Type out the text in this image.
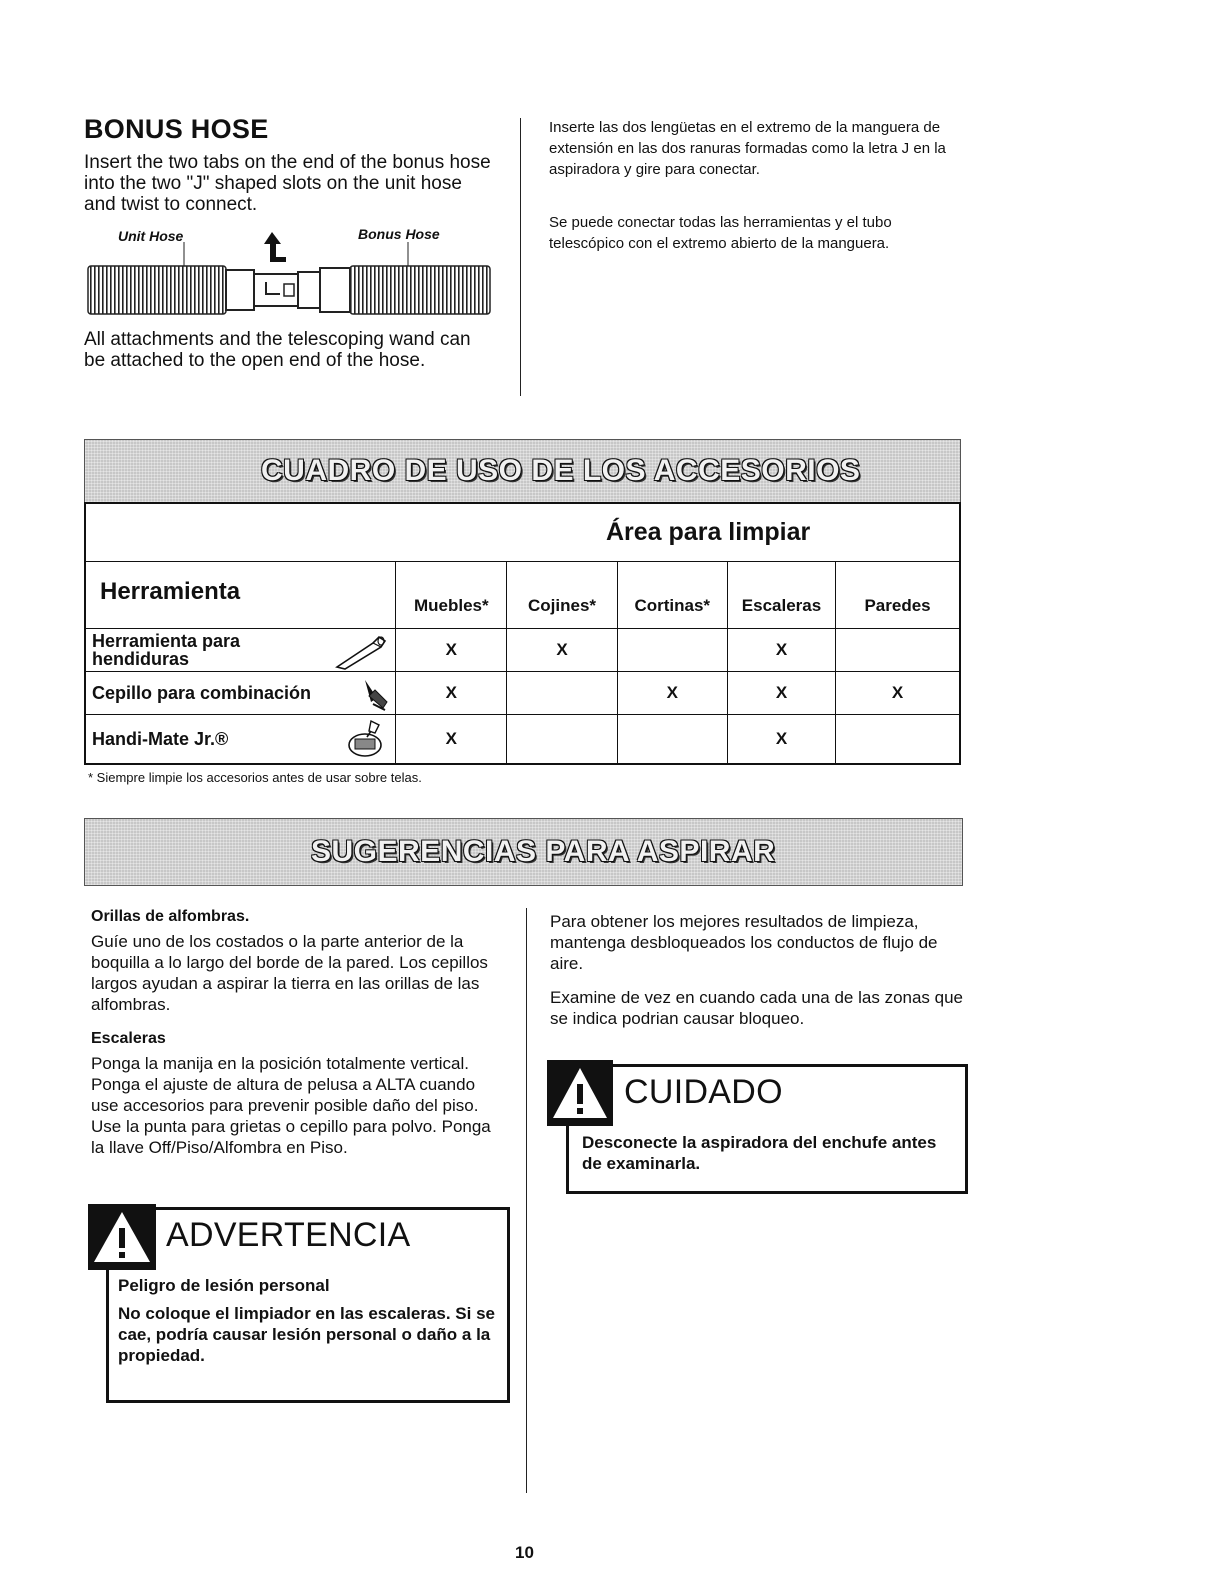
BONUS HOSE
Insert the two tabs on the end of the bonus hose into the two "J" shaped slots on the unit hose and twist to connect.
Unit Hose	Bonus Hose
All attachments and the telescoping wand can be attached to the open end of the hose.
Inserte las dos lengüetas en el extremo de la manguera de extensión en las dos ranuras formadas como la letra J en la aspiradora y gire para conectar.
Se puede conectar todas las herramientas y el tubo telescópico con el extremo abierto de la manguera.
CUADRO DE USO DE LOS ACCESORIOS
Área para limpiar					
Herramienta	Muebles*	Cojines*	Cortinas*	Escaleras	Paredes

Herramienta para
hendiduras	X	X		X	
Cepillo para combinación	X		X	X	X
Handi-Mate Jr.®	X			X	
* Siempre limpie los accesorios antes de usar sobre telas.
SUGERENCIAS PARA ASPIRAR
Orillas de alfombras.
Guíe uno de los costados o la parte anterior de la boquilla a lo largo del borde de la pared. Los cepillos largos ayudan a aspirar la tierra en las orillas de las alfombras.
Escaleras
Ponga la manija en la posición totalmente vertical. Ponga el ajuste de altura de pelusa a ALTA cuando use accesorios para prevenir posible daño del piso. Use la punta para grietas o cepillo para polvo. Ponga la llave Off/Piso/Alfombra en Piso.
Para obtener los mejores resultados de limpieza, mantenga desbloqueados los conductos de flujo de aire.
Examine de vez en cuando cada una de las zonas que se indica podrian causar bloqueo.
ADVERTENCIA
Peligro de lesión personal
No coloque el limpiador en las escaleras. Si se cae, podría causar lesión personal o daño a la propiedad.
CUIDADO
Desconecte la aspiradora del enchufe antes de examinarla.
10
